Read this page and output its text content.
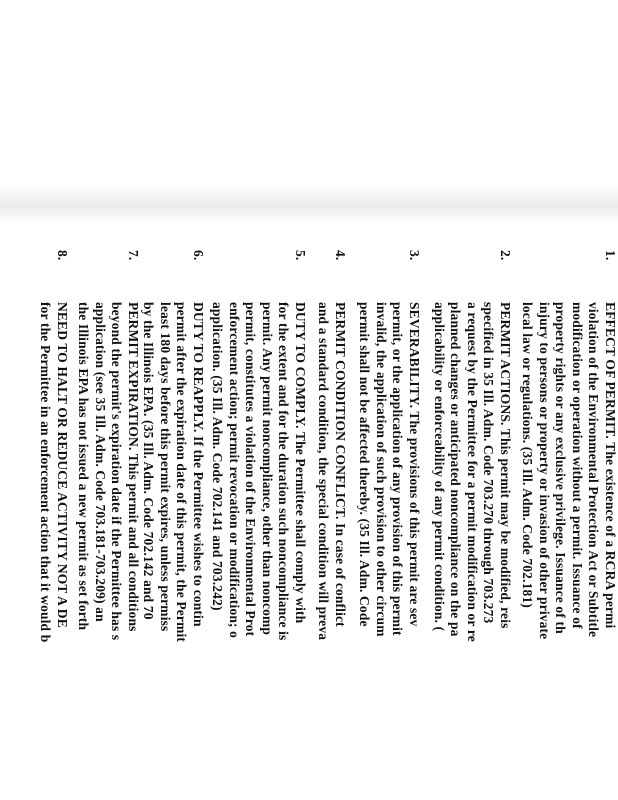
1.
EFFECT OF PERMIT. The existence of a RCRA permi
violation of the Environmental Protection Act or Subtitle
modification or operation without a permit. Issuance of
property rights or any exclusive privilege. Issuance of th
injury to persons or property or invasion of other private
local law or regulations. (35 Ill. Adm. Code 702.181)
2.
PERMIT ACTIONS. This permit may be modified, reis
specified in 35 Ill. Adm. Code 703.270 through 703.273
a request by the Permittee for a permit modification or re
planned changes or anticipated noncompliance on the pa
applicability or enforceability of any permit condition. (
3.
SEVERABILITY. The provisions of this permit are sev
permit, or the application of any provision of this permit
invalid, the application of such provision to other circum
permit shall not be affected thereby. (35 Ill. Adm. Code
4.
PERMIT CONDITION CONFLICT. In case of conflict
and a standard condition, the special condition will preva
5.
DUTY TO COMPLY. The Permittee shall comply with
for the extent and for the duration such noncompliance is
permit. Any permit noncompliance, other than noncomp
permit, constitutes a violation of the Environmental Prot
enforcement action; permit revocation or modification; o
application. (35 Ill. Adm. Code 702.141 and 703.242)
6.
DUTY TO REAPPLY. If the Permittee wishes to contin
permit after the expiration date of this permit, the Permit
least 180 days before this permit expires, unless permiss
by the Illinois EPA. (35 Ill. Adm. Code 702.142 and 70
7.
PERMIT EXPIRATION. This permit and all conditions
beyond the permit's expiration date if the Permittee has s
application (see 35 Ill. Adm. Code 703.181-703.209) an
the Illinois EPA has not issued a new permit as set forth
8.
NEED TO HALT OR REDUCE ACTIVITY NOT A DE
for the Permittee in an enforcement action that it would b
